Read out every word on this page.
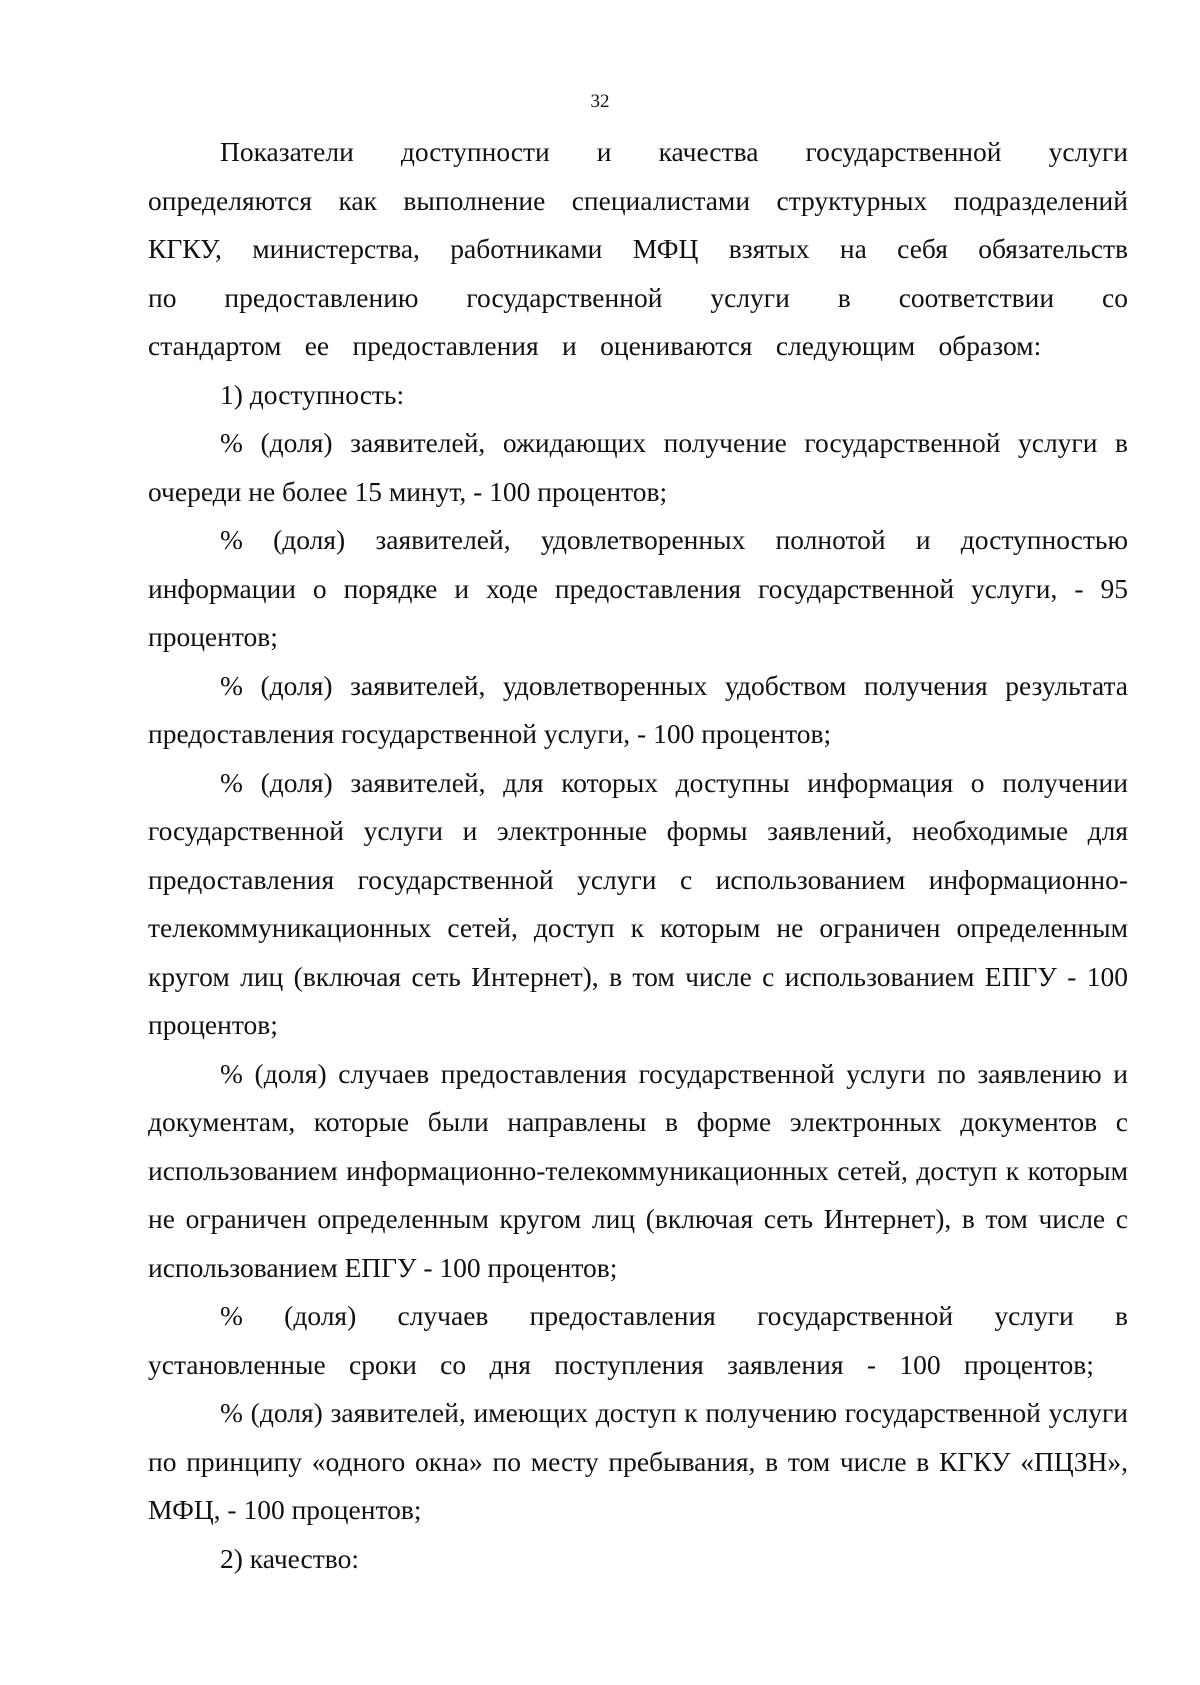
32

Показатели доступности и качества государственной услуги определяются как выполнение специалистами структурных подразделений КГКУ, министерства, работниками МФЦ взятых на себя обязательств по предоставлению государственной услуги в соответствии со стандартом ее предоставления и оцениваются следующим образом:

1) доступность:

% (доля) заявителей, ожидающих получение государственной услуги в очереди не более 15 минут, - 100 процентов;

% (доля) заявителей, удовлетворенных полнотой и доступностью информации о порядке и ходе предоставления государственной услуги, - 95 процентов;

% (доля) заявителей, удовлетворенных удобством получения результата предоставления государственной услуги, - 100 процентов;

% (доля) заявителей, для которых доступны информация о получении государственной услуги и электронные формы заявлений, необходимые для предоставления государственной услуги с использованием информационно-телекоммуникационных сетей, доступ к которым не ограничен определенным кругом лиц (включая сеть Интернет), в том числе с использованием ЕПГУ - 100 процентов;

% (доля) случаев предоставления государственной услуги по заявлению и документам, которые были направлены в форме электронных документов с использованием информационно-телекоммуникационных сетей, доступ к которым не ограничен определенным кругом лиц (включая сеть Интернет), в том числе с использованием ЕПГУ - 100 процентов;

% (доля) случаев предоставления государственной услуги в установленные сроки со дня поступления заявления - 100 процентов;

% (доля) заявителей, имеющих доступ к получению государственной услуги по принципу «одного окна» по месту пребывания, в том числе в КГКУ «ПЦЗН», МФЦ, - 100 процентов;

2) качество:
